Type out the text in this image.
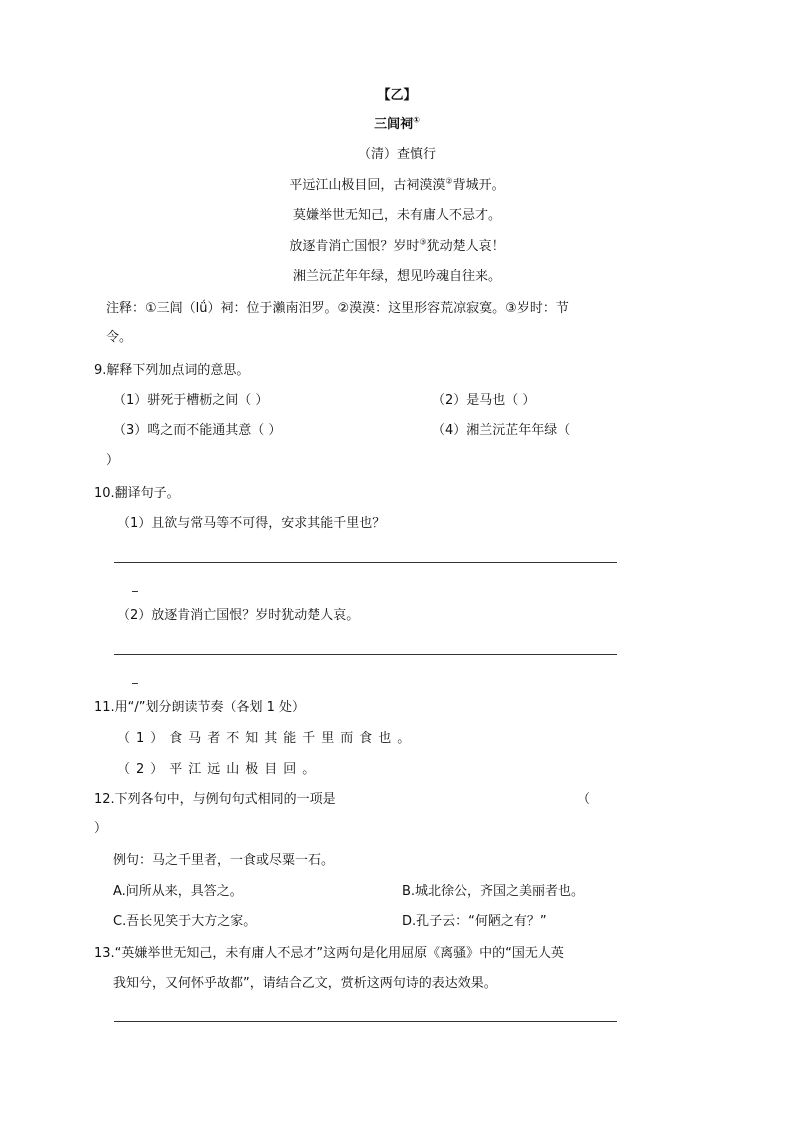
【乙】
三闾祠①
（清）查慎行
平远江山极目回，古祠漠漠②背城开。
莫嫌举世无知己，未有庸人不忌才。
放逐肯消亡国恨？岁时③犹动楚人哀！
湘兰沅芷年年绿，想见吟魂自往来。
注释：①三闾（lǘ）祠：位于瀨南汨罗。②漠漠：这里形容荒凉寂寞。③岁时：节
令。
9.解释下列加点词的意思。
（1）骈死于槽枥之间（ ）	（2）是马也（ ）
（3）鸣之而不能通其意（ ）	（4）湘兰沅芷年年绿（
）
10.翻译句子。
（1）且欲与常马等不可得，安求其能千里也？
（2）放逐肯消亡国恨？岁时犹动楚人哀。
11.用“/”划分朗读节奏（各划 1 处）
（1）食马者不知其能千里而食也。
（2）平江远山极目回。
12.下列各句中，与例句句式相同的一项是	（
）
例句：马之千里者，一食或尽粟一石。
A.问所从来，具答之。	B.城北徐公，齐国之美丽者也。
C.吾长见笑于大方之家。	D.孔子云：“何陋之有？”
13.“英嫌举世无知己，未有庸人不忌才”这两句是化用屈原《离骚》中的“国无人英
我知兮，又何怀乎故都”，请结合乙文，赏析这两句诗的表达效果。
